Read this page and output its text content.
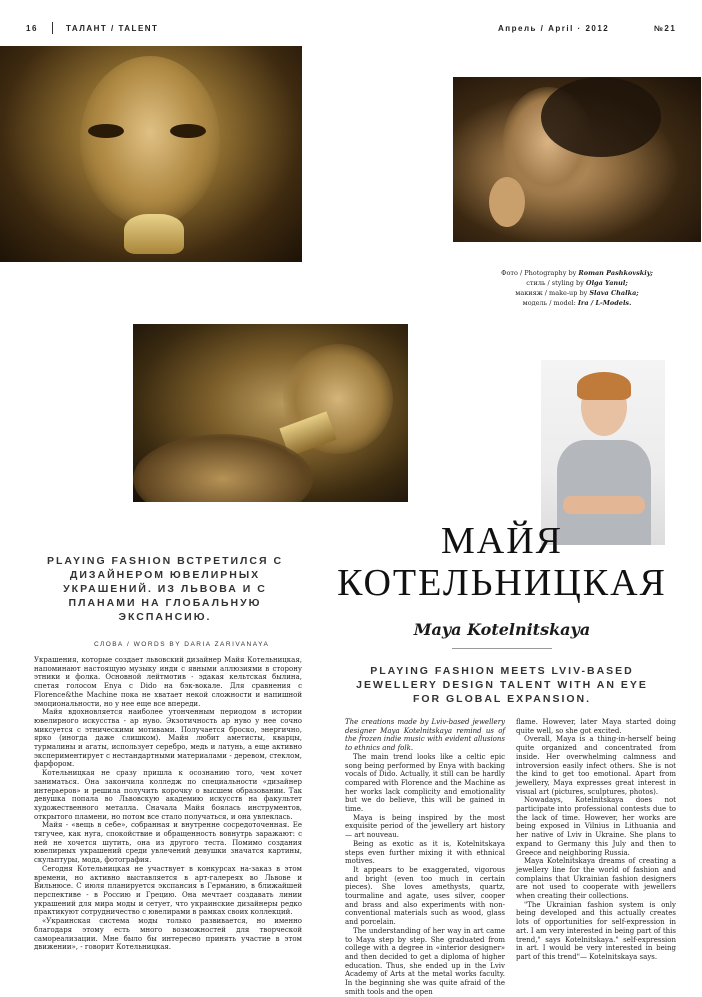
16	ТАЛАНТ / TALENT	Апрель / April · 2012	№21
Фото / Photography by Roman Pashkovskiy;
стиль / styling by Olga Yanul;
макияж / make-up by Slava Chalka;
модель / model: Ira / L-Models.
МАЙЯ
КОТЕЛЬНИЦКАЯ
Maya Kotelnitskaya
PLAYING FASHION MEETS LVIV-BASED JEWELLERY DESIGN TALENT WITH AN EYE FOR GLOBAL EXPANSION.
PLAYING FASHION ВСТРЕТИЛСЯ С ДИЗАЙНЕРОМ ЮВЕЛИРНЫХ УКРАШЕНИЙ. ИЗ ЛЬВОВА И С ПЛАНАМИ НА ГЛОБАЛЬНУЮ ЭКСПАНСИЮ.
СЛОВА / WORDS BY DARIA ZARIVANAYA

Украшения, которые создает львовский дизайнер Майя Котельницкая, напоминают настоящую музыку инди с явными аллюзиями в сторону этники и фолка. Основной лейтмотив - эдакая кельтская былина, спетая голосом Enya с Dido на бэк-вокале. Для сравнения с Florence&the Machine пока не хватает некой сложности и напишной эмоциональности, но у нее еще все впереди.

Майя вдохновляется наиболее утонченным периодом в истории ювелирного искусства - ар нуво. Экзотичность ар нуво у нее сочно миксуется с этническими мотивами. Получается броско, энергично, ярко (иногда даже слишком). Майя любит аметисты, кварцы, турмалины и агаты, использует серебро, медь и латунь, а еще активно экспериментирует с нестандартными материалами - деревом, стеклом, фарфором.

Котельницкая не сразу пришла к осознанию того, чем хочет заниматься. Она закончила колледж по специальности «дизайнер интерьеров» и решила получить корочку о высшем образовании. Так девушка попала во Львовскую академию искусств на факультет художественного металла. Сначала Майя боялась инструментов, открытого пламени, но потом все стало получаться, и она увлеклась.

Майя - «вещь в себе», собранная и внутренне сосредоточенная. Ее тягучее, как нуга, спокойствие и обращенность вовнутрь заражают: с ней не хочется шутить, она из другого теста. Помимо создания ювелирных украшений среди увлечений девушки значатся картины, скульптуры, мода, фотография.

Сегодня Котельницкая не участвует в конкурсах на-заказ в этом времени, но активно выставляется в арт-галереях во Львове и Вильнюсе. С июля планируется экспансия в Германию, в ближайшей перспективе - в Россию и Грецию. Она мечтает создавать линии украшений для мира моды и сетует, что украинские дизайнеры редко практикуют сотрудничество с ювелирами в рамках своих коллекций.

«Украинская система моды только развивается, но именно благодаря этому есть много возможностей для творческой самореализации. Мне было бы интересно принять участие в этом движении», - говорит Котельницкая.

The creations made by Lviv-based jewellery designer Maya Kotelnitskaya remind us of the frozen indie music with evident allusions to ethnics and folk.

The main trend looks like a celtic epic song being performed by Enya with backing vocals of Dido. Actually, it still can be hardly compared with Florence and the Machine as her works lack complicity and emotionality but we do believe, this will be gained in time.

Maya is being inspired by the most exquisite period of the jewellery art history — art nouveau.

Being as exotic as it is, Kotelnitskaya steps even further mixing it with ethnical motives.

It appears to be exaggerated, vigorous and bright (even too much in certain pieces). She loves amethysts, quartz, tourmaline and agate, uses silver, cooper and brass and also experiments with non-conventional materials such as wood, glass and porcelain.

The understanding of her way in art came to Maya step by step. She graduated from college with a degree in «interior designer» and then decided to get a diploma of higher education. Thus, she ended up in the Lviv Academy of Arts at the metal works faculty. In the beginning she was quite afraid of the smith tools and the open

flame. However, later Maya started doing quite well, so she got excited.

Overall, Maya is a thing-in-herself being quite organized and concentrated from inside. Her overwhelming calmness and introversion easily infect others. She is not the kind to get too emotional. Apart from jewellery, Maya expresses great interest in visual art (pictures, sculptures, photos).

Nowadays, Kotelnitskaya does not participate into professional contests due to the lack of time. However, her works are being exposed in Vilnius in Lithuania and her native of Lviv in Ukraine. She plans to expand to Germany this July and then to Greece and neighboring Russia.

Maya Kotelnitskaya dreams of creating a jewellery line for the world of fashion and complains that Ukrainian fashion designers are not used to cooperate with jewellers when creating their collections.

"The Ukrainian fashion system is only being developed and this actually creates lots of opportunities for self-expression in art. I am very interested in being part of this trend," says Kotelnitskaya." self-expression in art. I would be very interested in being part of this trend"— Kotelnitskaya says.
